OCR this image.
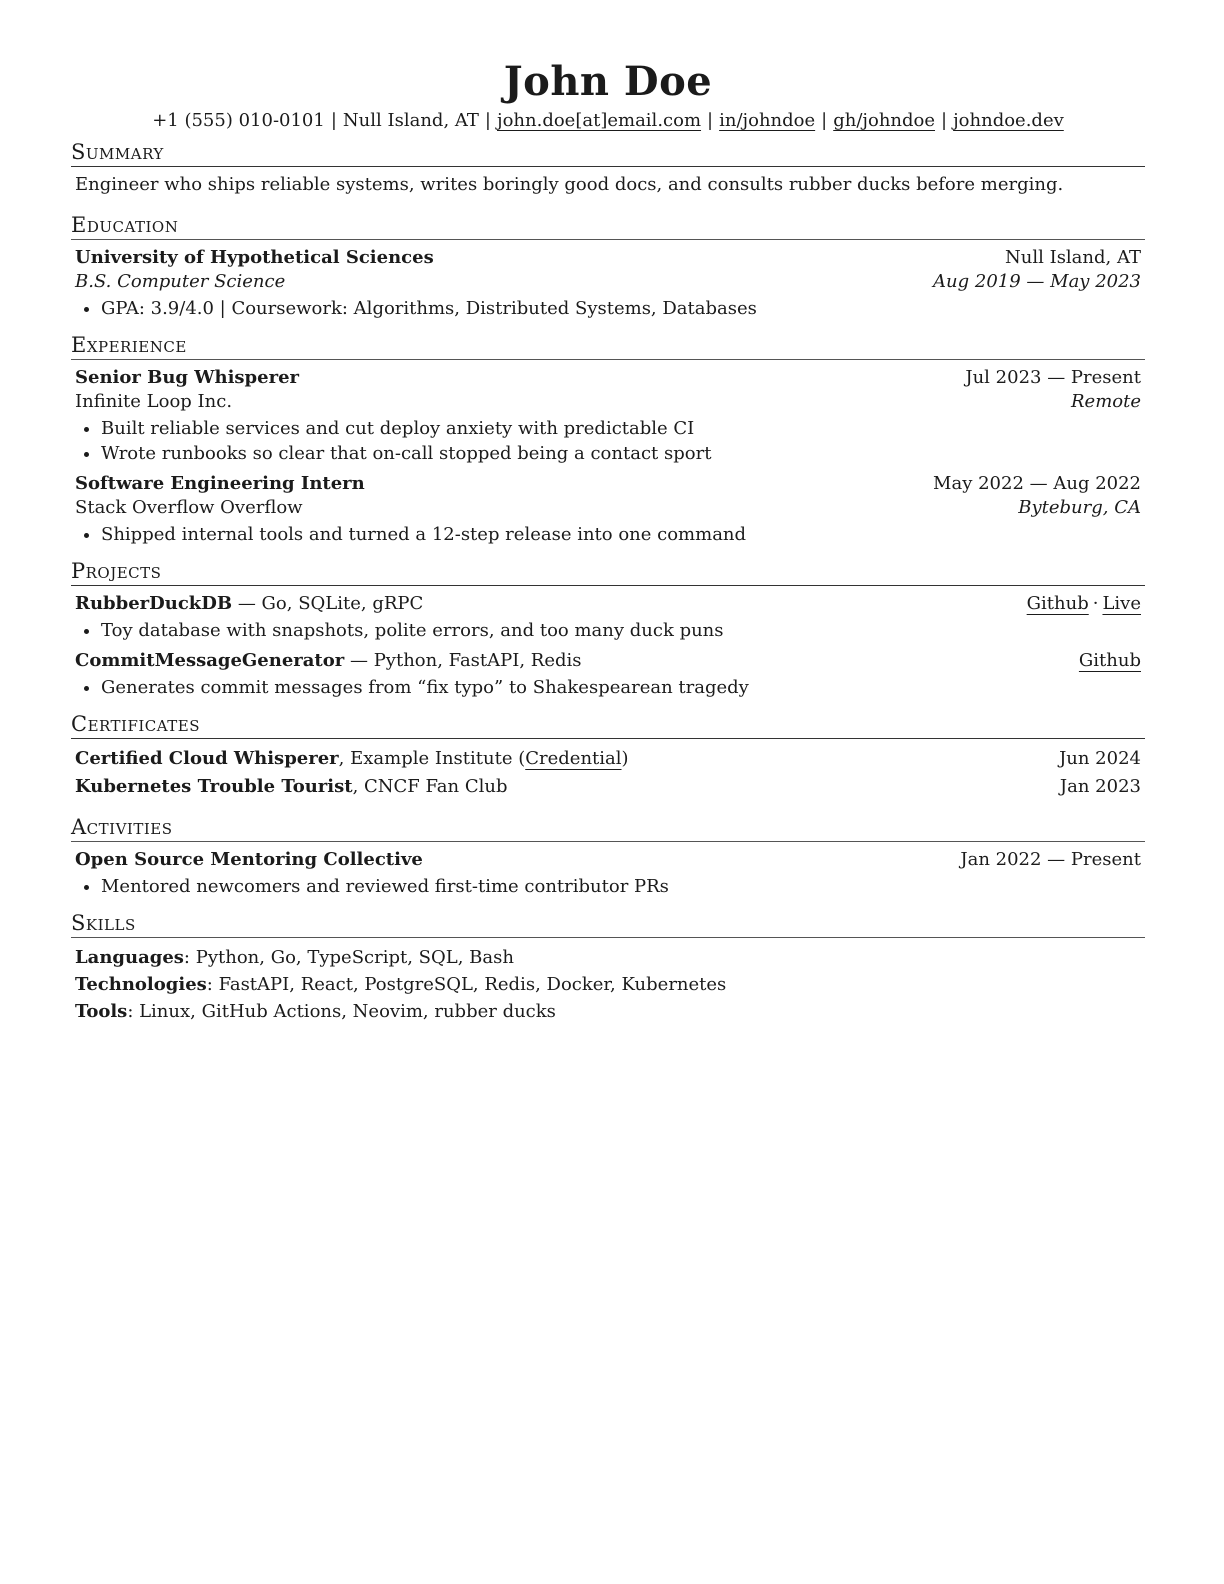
John Doe
+1 (555) 010-0101 | Null Island, AT | john.doe[at]email.com | in/johndoe | gh/johndoe | johndoe.dev
Summary
Engineer who ships reliable systems, writes boringly good docs, and consults rubber ducks before merging.
Education
University of Hypothetical Sciences	Null Island, AT
B.S. Computer Science	Aug 2019 — May 2023
• GPA: 3.9/4.0 | Coursework: Algorithms, Distributed Systems, Databases
Experience
Senior Bug Whisperer	Jul 2023 — Present
Infinite Loop Inc.	Remote
• Built reliable services and cut deploy anxiety with predictable CI
• Wrote runbooks so clear that on-call stopped being a contact sport
Software Engineering Intern	May 2022 — Aug 2022
Stack Overflow Overflow	Byteburg, CA
• Shipped internal tools and turned a 12-step release into one command
Projects
RubberDuckDB — Go, SQLite, gRPC	Github · Live
• Toy database with snapshots, polite errors, and too many duck puns
CommitMessageGenerator — Python, FastAPI, Redis	Github
• Generates commit messages from “fix typo” to Shakespearean tragedy
Certificates
Certified Cloud Whisperer, Example Institute (Credential)	Jun 2024
Kubernetes Trouble Tourist, CNCF Fan Club	Jan 2023
Activities
Open Source Mentoring Collective	Jan 2022 — Present
• Mentored newcomers and reviewed first-time contributor PRs
Skills
Languages: Python, Go, TypeScript, SQL, Bash
Technologies: FastAPI, React, PostgreSQL, Redis, Docker, Kubernetes
Tools: Linux, GitHub Actions, Neovim, rubber ducks
